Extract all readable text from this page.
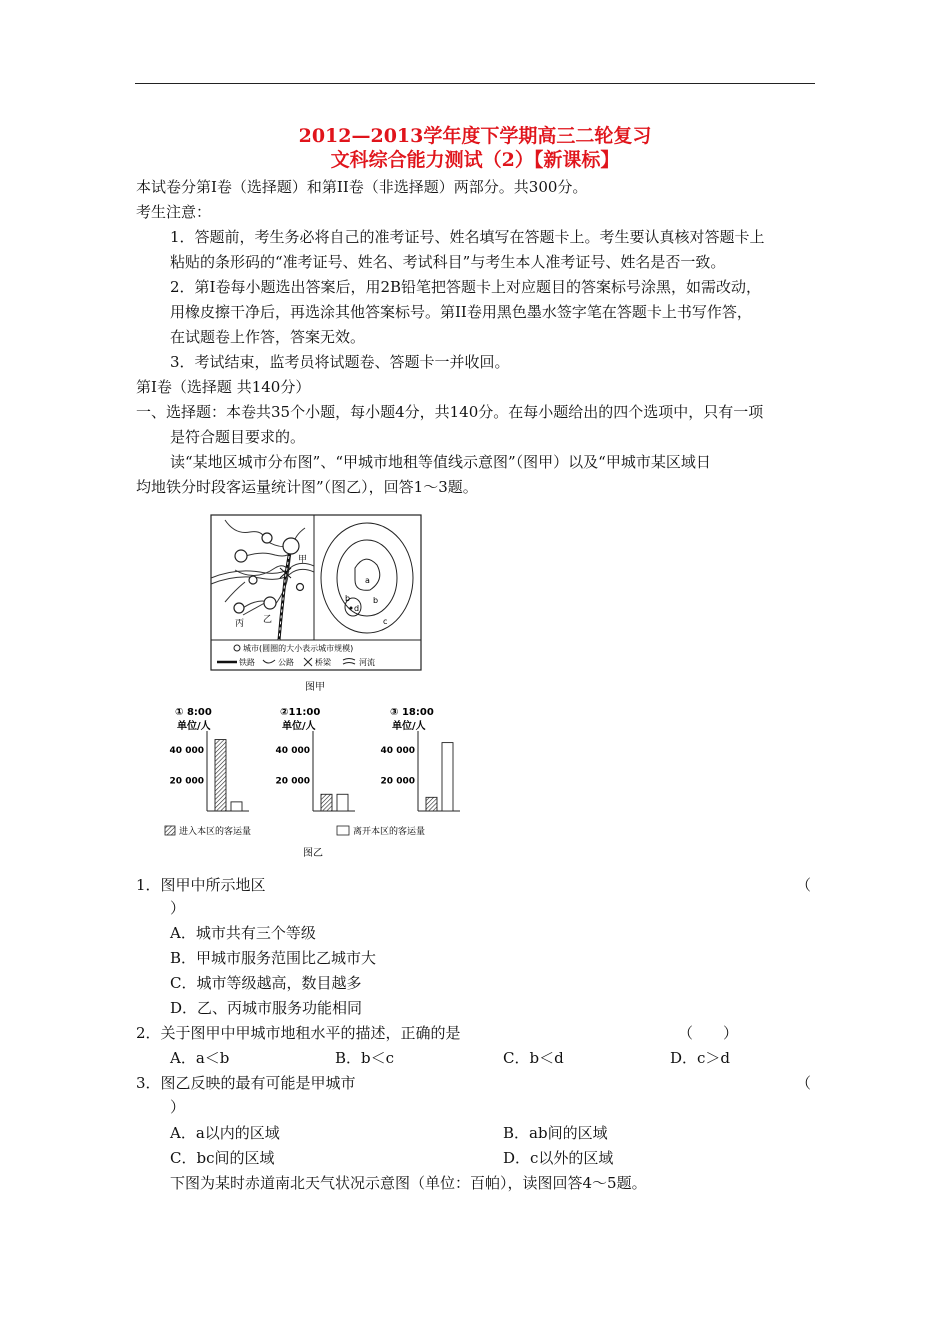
2012—2013学年度下学期高三二轮复习
文科综合能力测试（2）【新课标】
本试卷分第I卷（选择题）和第II卷（非选择题）两部分。共300分。
考生注意：
1．答题前，考生务必将自己的准考证号、姓名填写在答题卡上。考生要认真核对答题卡上
粘贴的条形码的“准考证号、姓名、考试科目”与考生本人准考证号、姓名是否一致。
2．第I卷每小题选出答案后，用2B铅笔把答题卡上对应题目的答案标号涂黑，如需改动，
用橡皮擦干净后，再选涂其他答案标号。第II卷用黑色墨水签字笔在答题卡上书写作答，
在试题卷上作答，答案无效。
3．考试结束，监考员将试题卷、答题卡一并收回。
第I卷（选择题 共140分）
一、选择题：本卷共35个小题，每小题4分，共140分。在每小题给出的四个选项中，只有一项
是符合题目要求的。
读“某地区城市分布图”、“甲城市地租等值线示意图”（图甲）以及“甲城市某区域日
均地铁分时段客运量统计图”（图乙），回答1～3题。
甲
乙
丙
a
b
b
d
c
城市(圆圈的大小表示城市规模)
铁路	公路	桥梁	河流
图甲
① 8:00
单位/人
40 000
20 000
②11:00
单位/人
40 000
20 000
③ 18:00
单位/人
40 000
20 000
进入本区的客运量	离开本区的客运量
图乙
1．图甲中所示地区	（
）
A．城市共有三个等级
B．甲城市服务范围比乙城市大
C．城市等级越高，数目越多
D．乙、丙城市服务功能相同
2．关于图甲中甲城市地租水平的描述，正确的是	（　　）
A．a＜b	B．b＜c	C．b＜d	D．c＞d
3．图乙反映的最有可能是甲城市	（
）
A．a以内的区域	B．ab间的区域
C．bc间的区域	D．c以外的区域
下图为某时赤道南北天气状况示意图（单位：百帕），读图回答4～5题。
